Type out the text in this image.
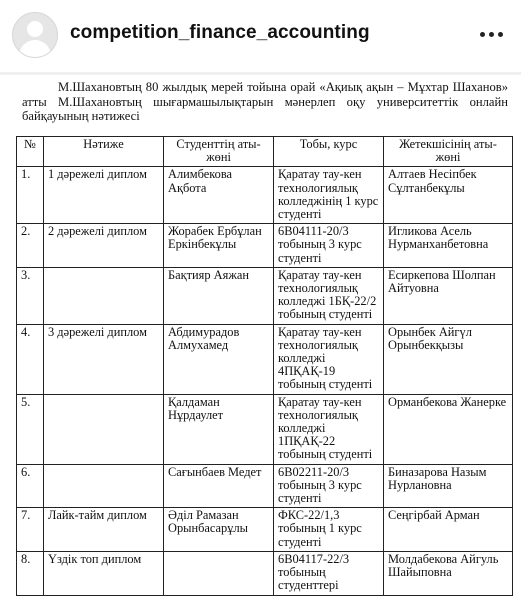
competition_finance_accounting
М.Шахановтың 80 жылдық мерей тойына орай «Ақиық ақын – Мұхтар Шаханов» атты М.Шахановтың шығармашылықтарын мәнерлеп оқу университеттік онлайн байқауының нәтижесі
№	Нәтиже	Студенттің аты-жөні	Тобы, курс	Жетекшісінің аты-жөні
1.	1 дәрежелі диплом	Алимбекова Ақбота	Қаратау тау-кен технологиялық колледжінің 1 курс студенті	Алтаев Несіпбек Сұлтанбекұлы
2.	2 дәрежелі диплом	Жорабек Ербұлан Еркінбекұлы	6В04111-20/3 тобының 3 курс студенті	Игликова Асель Нурманханбетовна
3.		Бақтияр Аяжан	Қаратау тау-кен технологиялық колледжі 1БҚ-22/2 тобының студенті	Есиркепова Шолпан Айтуовна
4.	3 дәрежелі диплом	Абдимурадов Алмухамед	Қаратау тау-кен технологиялық колледжі 4ПҚАҚ-19 тобының студенті	Орынбек Айгүл Орынбекқызы
5.		Қалдаман Нұрдаулет	Қаратау тау-кен технологиялық колледжі 1ПҚАҚ-22 тобының студенті	Орманбекова Жанерке
6.		Сағынбаев Медет	6В02211-20/3 тобының 3 курс студенті	Биназарова Назым Нурлановна
7.	Лайк-тайм диплом	Әділ Рамазан Орынбасарұлы	ФКС-22/1,3 тобының 1 курс студенті	Сеңгірбай Арман
8.	Үздік топ диплом		6В04117-22/3 тобының студенттері	Молдабекова Айгуль Шайыповна
